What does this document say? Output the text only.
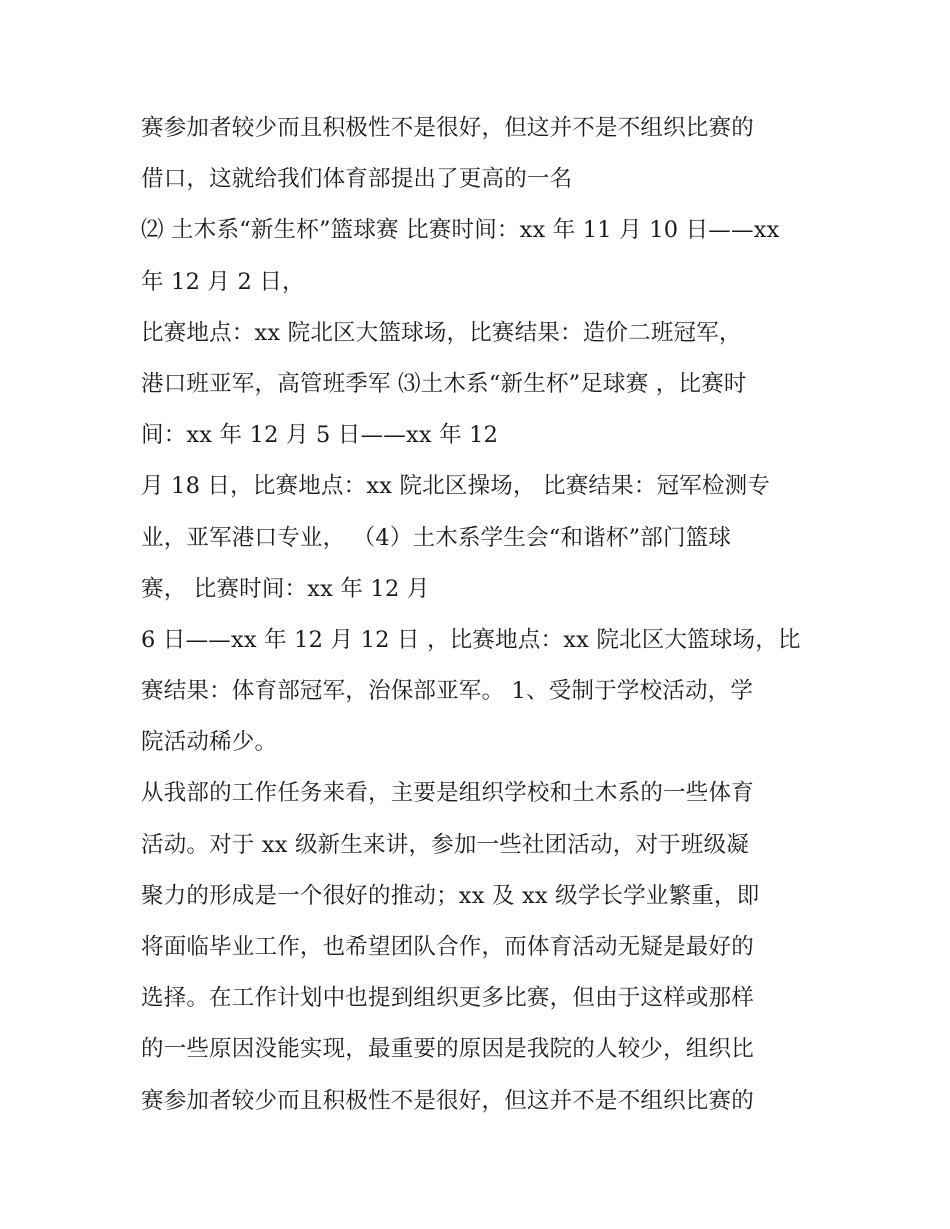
赛参加者较少而且积极性不是很好，但这并不是不组织比赛的
借口，这就给我们体育部提出了更高的一名
⑵ 土木系“新生杯”篮球赛 比赛时间：xx 年 11 月 10 日——xx
年 12 月 2 日，
比赛地点：xx 院北区大篮球场，比赛结果：造价二班冠军，
港口班亚军，高管班季军 ⑶土木系“新生杯”足球赛 ，比赛时
间：xx 年 12 月 5 日——xx 年 12
月 18 日，比赛地点：xx 院北区操场， 比赛结果：冠军检测专
业，亚军港口专业， （4）土木系学生会“和谐杯”部门篮球
赛， 比赛时间：xx 年 12 月
6 日——xx 年 12 月 12 日 ，比赛地点：xx 院北区大篮球场，比
赛结果：体育部冠军，治保部亚军。 1、受制于学校活动，学
院活动稀少。
从我部的工作任务来看，主要是组织学校和土木系的一些体育
活动。对于 xx 级新生来讲，参加一些社团活动，对于班级凝
聚力的形成是一个很好的推动；xx 及 xx 级学长学业繁重，即
将面临毕业工作，也希望团队合作，而体育活动无疑是最好的
选择。在工作计划中也提到组织更多比赛，但由于这样或那样
的一些原因没能实现，最重要的原因是我院的人较少，组织比
赛参加者较少而且积极性不是很好，但这并不是不组织比赛的
